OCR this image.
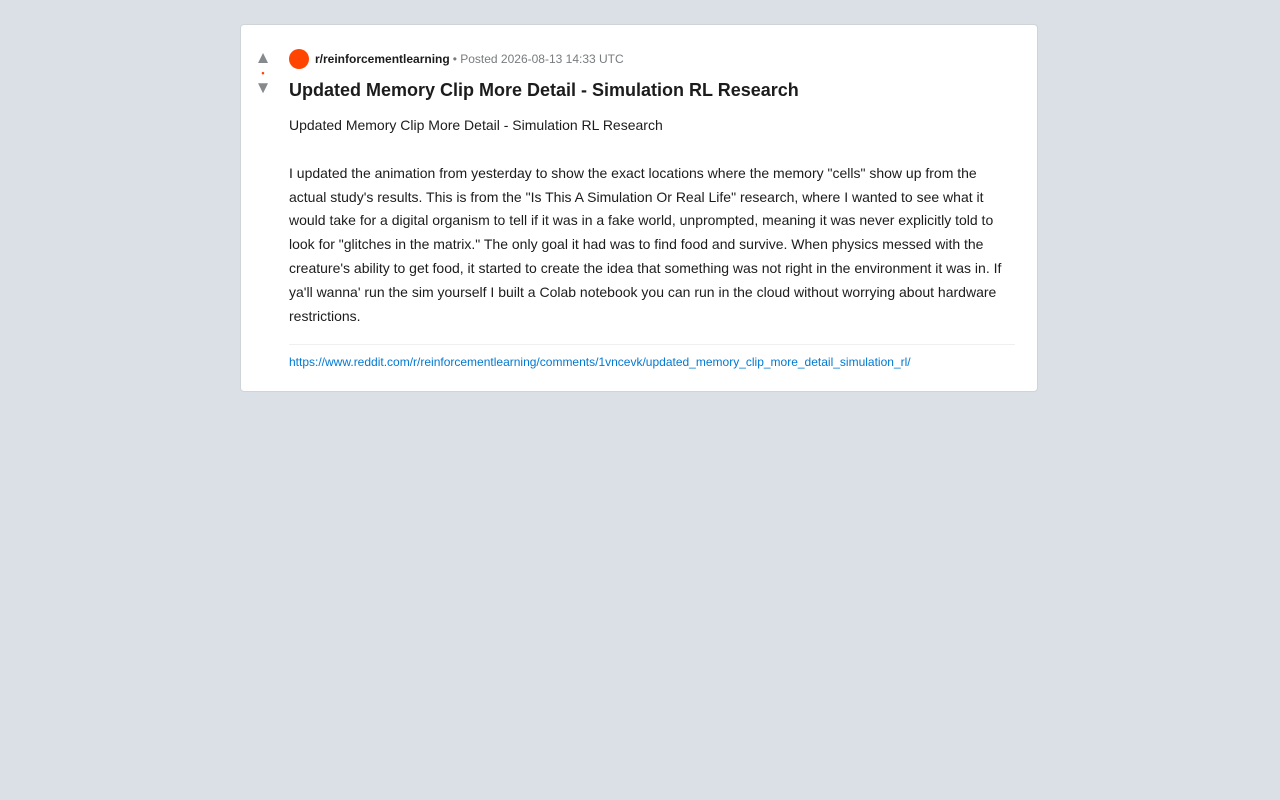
▲
•
▼
r/reinforcementlearning • Posted 2026-08-13 14:33 UTC
Updated Memory Clip More Detail - Simulation RL Research

Updated Memory Clip More Detail - Simulation RL Research

I updated the animation from yesterday to show the exact locations where the memory "cells" show up from the actual study's results. This is from the "Is This A Simulation Or Real Life" research, where I wanted to see what it would take for a digital organism to tell if it was in a fake world, unprompted, meaning it was never explicitly told to look for "glitches in the matrix." The only goal it had was to find food and survive. When physics messed with the creature's ability to get food, it started to create the idea that something was not right in the environment it was in. If ya'll wanna' run the sim yourself I built a Colab notebook you can run in the cloud without worrying about hardware restrictions.

https://www.reddit.com/r/reinforcementlearning/comments/1vncevk/updated_memory_clip_more_detail_simulation_rl/
